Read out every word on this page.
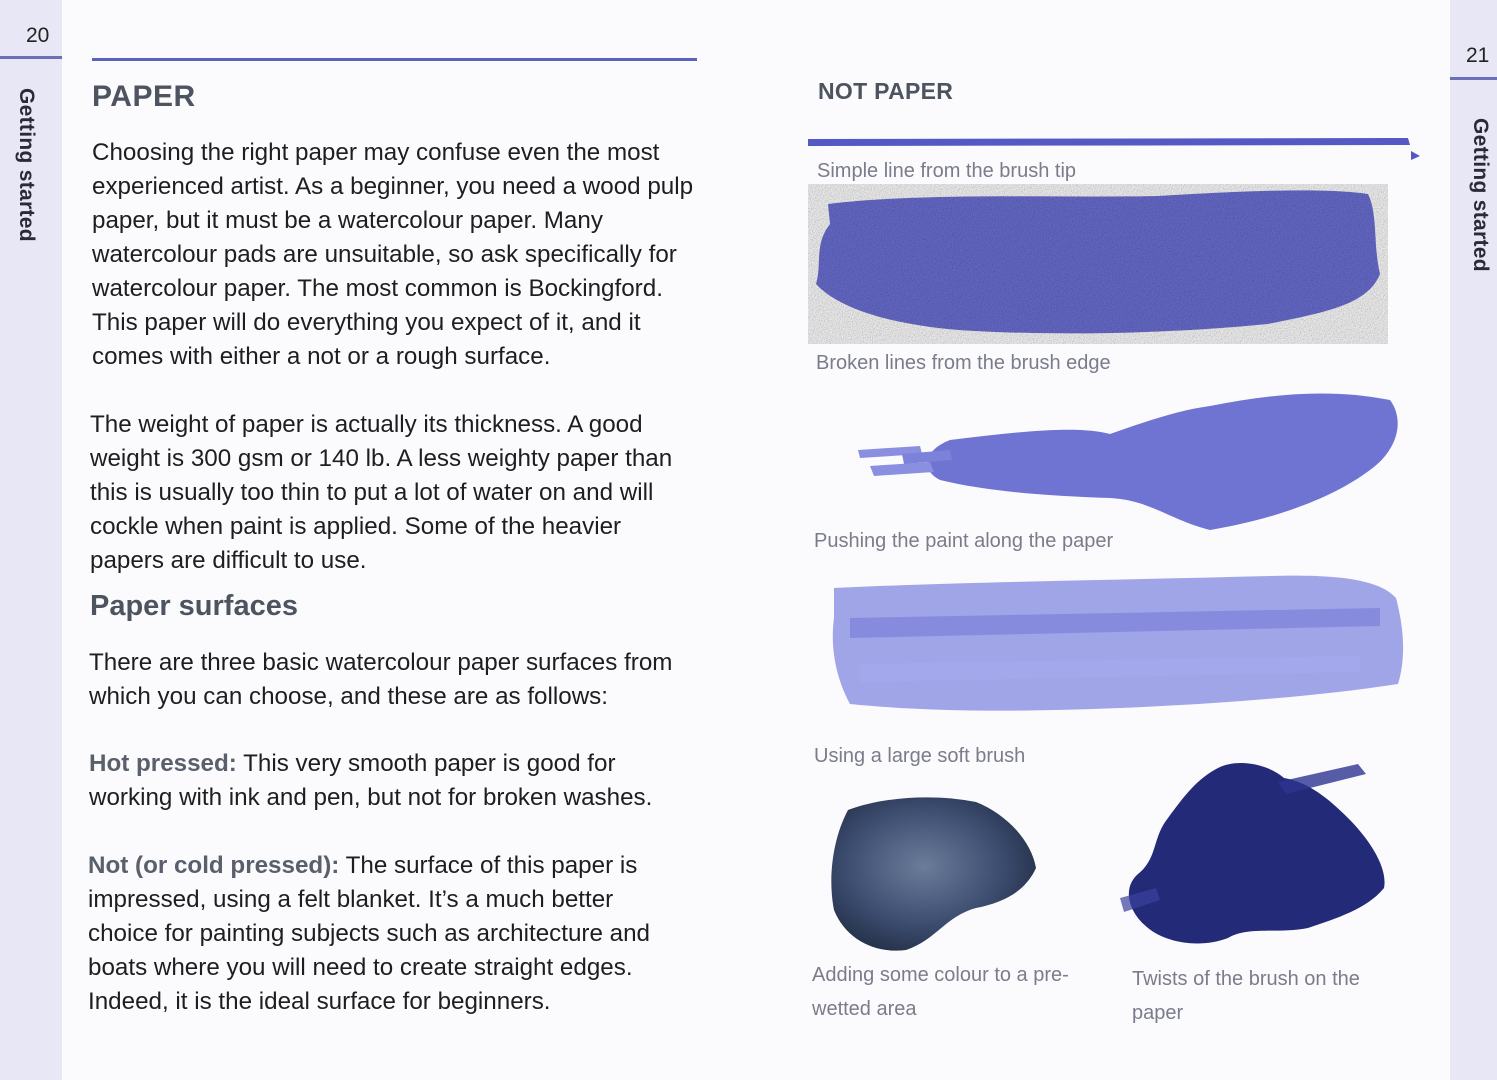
20
Getting started PAPER

Choosing the right paper may confuse even the most experienced artist. As a beginner, you need a wood pulp paper, but it must be a watercolour paper. Many watercolour pads are unsuitable, so ask specifically for watercolour paper. The most common is Bockingford. This paper will do everything you expect of it, and it comes with either a not or a rough surface.

The weight of paper is actually its thickness. A good weight is 300 gsm or 140 lb. A less weighty paper than this is usually too thin to put a lot of water on and will cockle when paint is applied. Some of the heavier papers are difficult to use.

Paper surfaces

There are three basic watercolour paper surfaces from which you can choose, and these are as follows:

Hot pressed: This very smooth paper is good for working with ink and pen, but not for broken washes.

Not (or cold pressed): The surface of this paper is impressed, using a felt blanket. It’s a much better choice for painting subjects such as architecture and boats where you will need to create straight edges. Indeed, it is the ideal surface for beginners.

21
Getting started
NOT PAPER
Simple line from the brush tip
Broken lines from the brush edge
Pushing the paint along the paper
Using a large soft brush
Adding some colour to a pre-wetted area
Twists of the brush on the paper
